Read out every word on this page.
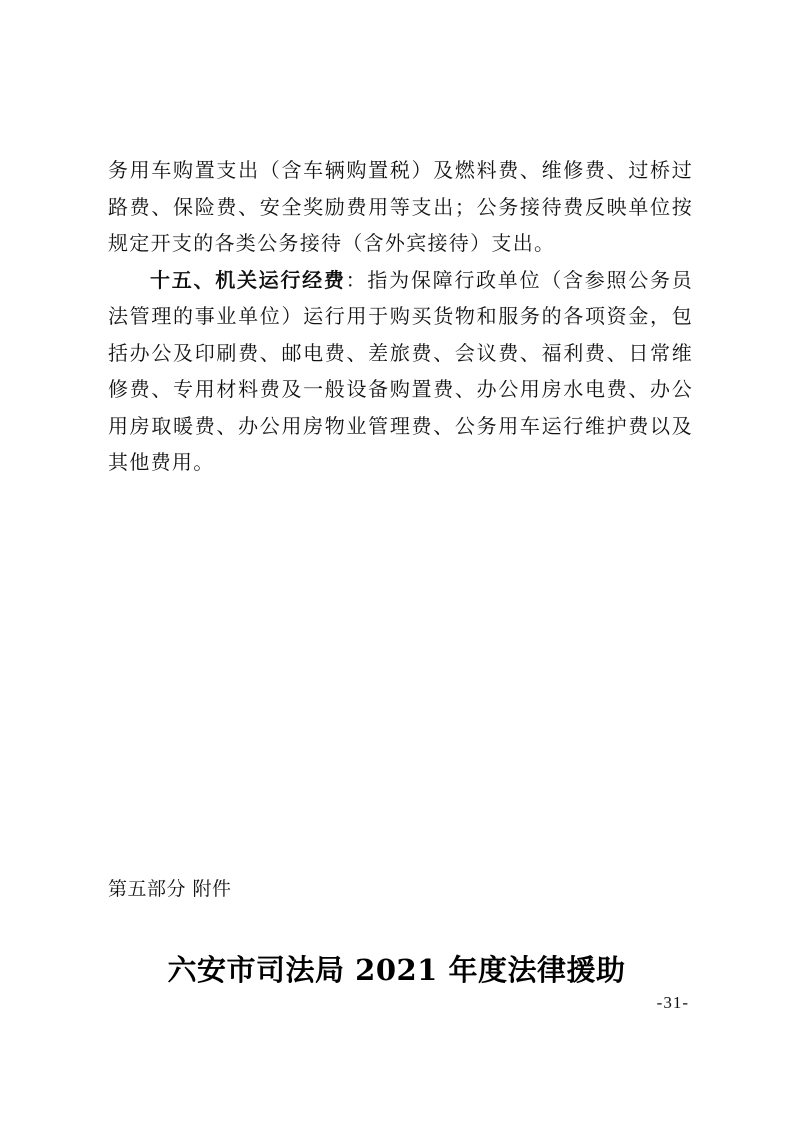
务用车购置支出（含车辆购置税）及燃料费、维修费、过桥过路费、保险费、安全奖励费用等支出；公务接待费反映单位按规定开支的各类公务接待（含外宾接待）支出。

十五、机关运行经费：指为保障行政单位（含参照公务员法管理的事业单位）运行用于购买货物和服务的各项资金，包括办公及印刷费、邮电费、差旅费、会议费、福利费、日常维修费、专用材料费及一般设备购置费、办公用房水电费、办公用房取暖费、办公用房物业管理费、公务用车运行维护费以及其他费用。

第五部分 附件
六安市司法局 2021 年度法律援助
-31-
